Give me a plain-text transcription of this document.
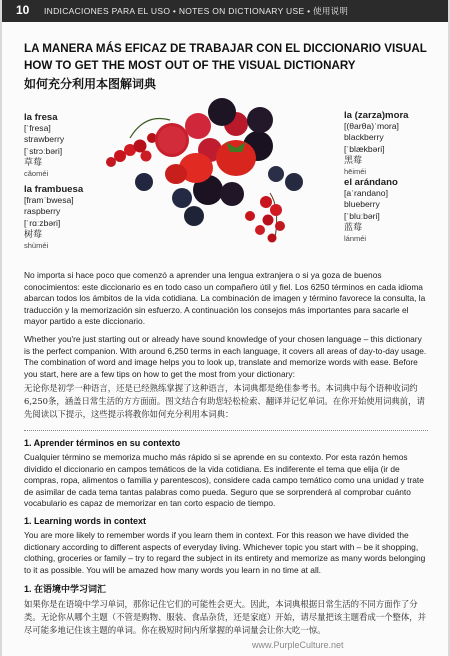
10 INDICACIONES PARA EL USO • NOTES ON DICTIONARY USE • 使用说明
LA MANERA MÁS EFICAZ DE TRABAJAR CON EL DICCIONARIO VISUAL
HOW TO GET THE MOST OUT OF THE VISUAL DICTIONARY
如何充分利用本图解词典
la fresa
[ˈfresa]
strawberry
[ˈstrɔːbəri]
草莓
cǎoméi
la frambuesa
[framˈbwesa]
raspberry
[ˈrɑːzbəri]
树莓
shùméi
la (zarza)mora
[(θarθa)ˈmora]
blackberry
[ˈblækbəri]
黑莓
hēiméi
el arándano
[aˈrandano]
blueberry
[ˈbluːbəri]
蓝莓
lánméi
No importa si hace poco que comenzó a aprender una lengua extranjera o si ya goza de buenos conocimientos: este diccionario es en todo caso un compañero útil y fiel. Los 6250 términos en cada idioma abarcan todos los ámbitos de la vida cotidiana. La combinación de imagen y término favorece la consulta, la traducción y la memorización sin esfuerzo. A continuación los consejos más importantes para sacarle el mayor partido a este diccionario.
Whether you're just starting out or already have sound knowledge of your chosen language – this dictionary is the perfect companion. With around 6,250 terms in each language, it covers all areas of day-to-day usage. The combination of word and image helps you to look up, translate and memorize words with ease. Before you start, here are a few tips on how to get the most from your dictionary:
无论你是初学一种语言，还是已经熟练掌握了这种语言，本词典都是绝佳参考书。本词典中每个语种收词约6,250条，涵盖日常生活的方方面面。图文结合有助您轻松检索、翻译并记忆单词。在你开始使用词典前，请先阅读以下提示，这些提示将教你如何充分利用本词典：
1. Aprender términos en su contexto
Cualquier término se memoriza mucho más rápido si se aprende en su contexto. Por esta razón hemos dividido el diccionario en campos temáticos de la vida cotidiana. Es indiferente el tema que elija (ir de compras, ropa, alimentos o familia y parentescos), considere cada campo temático como una unidad y trate de asimilar de cada tema tantas palabras como pueda. Seguro que se sorprenderá al comprobar cuánto vocabulario es capaz de memorizar en tan corto espacio de tiempo.
1. Learning words in context
You are more likely to remember words if you learn them in context. For this reason we have divided the dictionary according to different aspects of everyday living. Whichever topic you start with – be it shopping, clothing, groceries or family – try to regard the subject in its entirety and memorize as many words belonging to it as possible. You will be amazed how many words you learn in no time at all.
1. 在语境中学习词汇
如果你是在语境中学习单词，那你记住它们的可能性会更大。因此，本词典根据日常生活的不同方面作了分类。无论你从哪个主题（不管是购物、服装、食品杂货，还是家庭）开始，请尽量把该主题看成一个整体，并尽可能多地记住该主题的单词。你在极短时间内所掌握的单词量会让你大吃一惊。
www.PurpleCulture.net
